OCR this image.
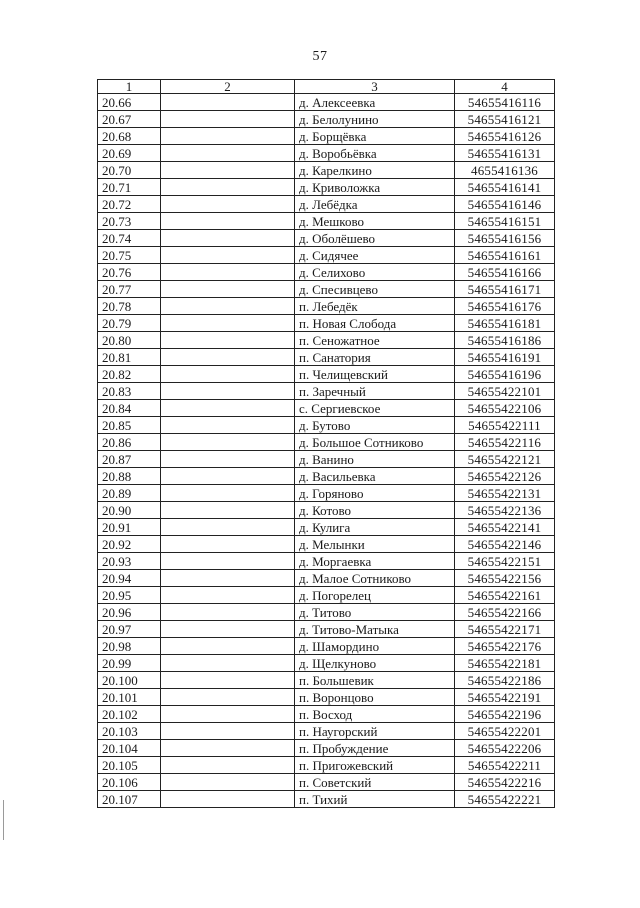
57
1	2	3	4
20.66		д. Алексеевка	54655416116
20.67		д. Белолунино	54655416121
20.68		д. Борщёвка	54655416126
20.69		д. Воробьёвка	54655416131
20.70		д. Карелкино	4655416136
20.71		д. Криволожка	54655416141
20.72		д. Лебёдка	54655416146
20.73		д. Мешково	54655416151
20.74		д. Оболёшево	54655416156
20.75		д. Сидячее	54655416161
20.76		д. Селихово	54655416166
20.77		д. Спесивцево	54655416171
20.78		п. Лебедёк	54655416176
20.79		п. Новая Слобода	54655416181
20.80		п. Сеножатное	54655416186
20.81		п. Санатория	54655416191
20.82		п. Челищевский	54655416196
20.83		п. Заречный	54655422101
20.84		с. Сергиевское	54655422106
20.85		д. Бутово	54655422111
20.86		д. Большое Сотниково	54655422116
20.87		д. Ванино	54655422121
20.88		д. Васильевка	54655422126
20.89		д. Горяново	54655422131
20.90		д. Котово	54655422136
20.91		д. Кулига	54655422141
20.92		д. Мелынки	54655422146
20.93		д. Моргаевка	54655422151
20.94		д. Малое Сотниково	54655422156
20.95		д. Погорелец	54655422161
20.96		д. Титово	54655422166
20.97		д. Титово-Матыка	54655422171
20.98		д. Шамордино	54655422176
20.99		д. Щелкуново	54655422181
20.100		п. Большевик	54655422186
20.101		п. Воронцово	54655422191
20.102		п. Восход	54655422196
20.103		п. Наугорский	54655422201
20.104		п. Пробуждение	54655422206
20.105		п. Пригожевский	54655422211
20.106		п. Советский	54655422216
20.107		п. Тихий	54655422221
